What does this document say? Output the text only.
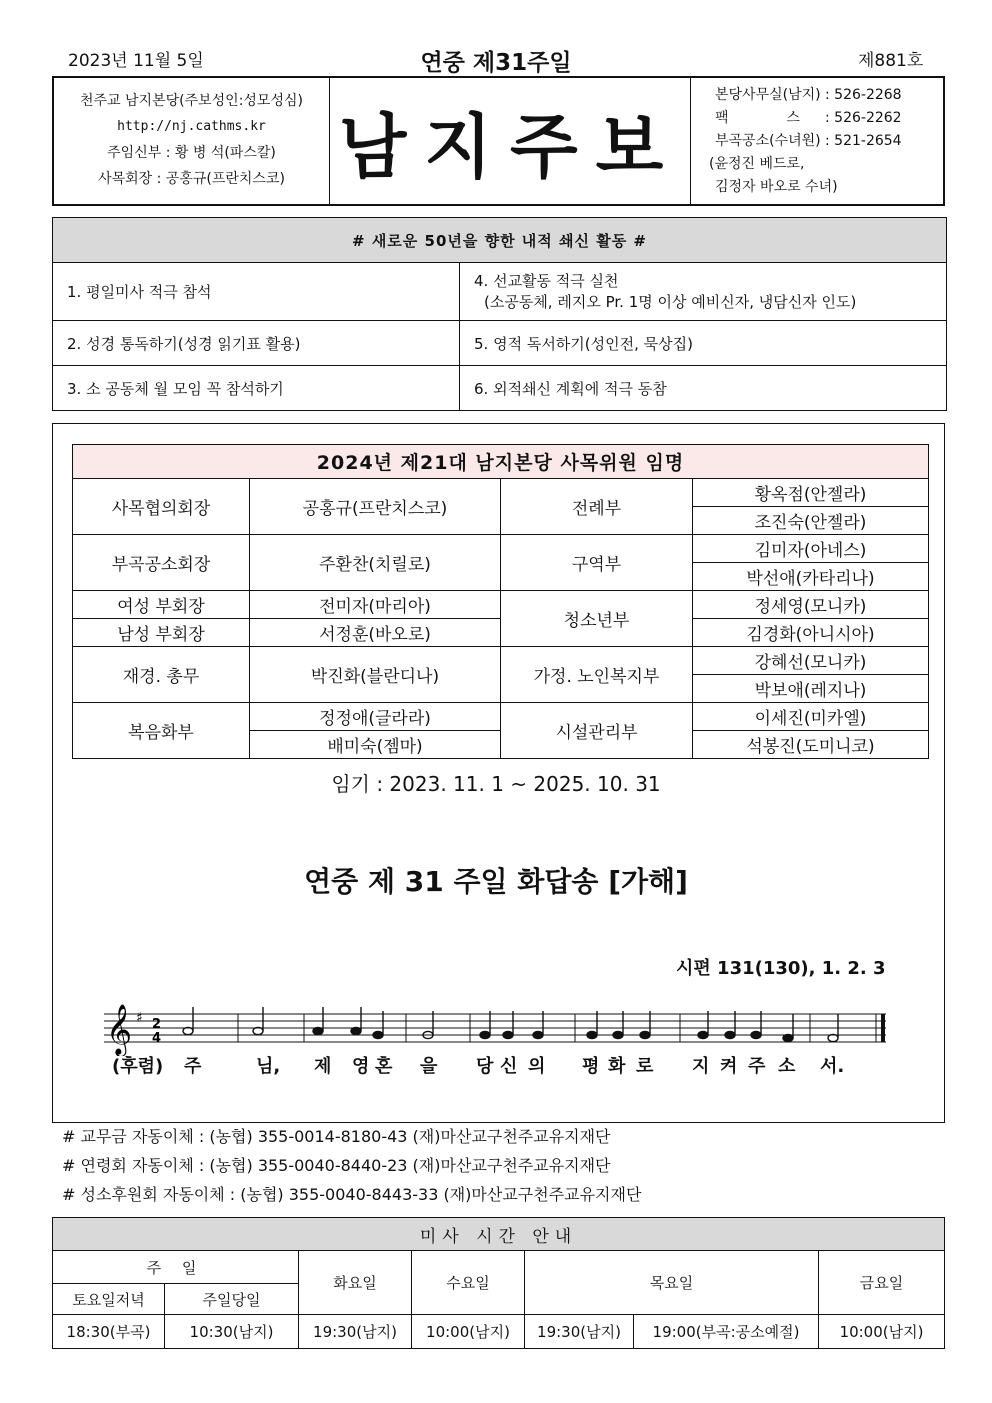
2023년 11월 5일	연중 제31주일	제881호
천주교 남지본당(주보성인:성모성심)
http://nj.cathms.kr
주임신부 : 황 병 석(파스칼)
사목회장 : 공홍규(프란치스코) 남지주보
본당사무실(남지) : 526-2268
팩             스	: 526-2262
부곡공소(수녀원) : 521-2654
(윤정진 베드로,
김정자 바오로 수녀)
# 새로운 50년을 향한 내적 쇄신 활동 #	
1. 평일미사 적극 참석	4. 선교활동 적극 실천
(소공동체, 레지오 Pr. 1명 이상 예비신자, 냉담신자 인도)

2. 성경 통독하기(성경 읽기표 활용)	5. 영적 독서하기(성인전, 묵상집)
3. 소 공동체 월 모임 꼭 참석하기	6. 외적쇄신 계획에 적극 동참
2024년 제21대 남지본당 사목위원 임명			
사목협의회장	공홍규(프란치스코)	전례부	황옥점(안젤라)
			조진숙(안젤라)
부곡공소회장	주환찬(치릴로)	구역부	김미자(아네스)
			박선애(카타리나)
여성 부회장	전미자(마리아)	청소년부	정세영(모니카)
남성 부회장	서정훈(바오로)		김경화(아니시아)
재경. 총무	박진화(블란디나)	가정. 노인복지부	강혜선(모니카)
			박보애(레지나)
복음화부	정정애(글라라)	시설관리부	이세진(미카엘)
	배미숙(젬마)		석봉진(도미니코)
임기 : 2023. 11. 1 ~ 2025. 10. 31
연중 제 31 주일 화답송 [가해]
시편 131(130), 1. 2. 3
𝄞 ♯ 2
4
(후렴) 주	님, 제 영 혼 을 당 신 의 평 화 로 지 켜 주 소 서.
# 교무금 자동이체 : (농협) 355-0014-8180-43 (재)마산교구천주교유지재단
# 연령회 자동이체 : (농협) 355-0040-8440-23 (재)마산교구천주교유지재단
# 성소후원회 자동이체 : (농협) 355-0040-8443-33 (재)마산교구천주교유지재단
미사 시간 안내						
주 일		화요일	수요일	목요일		금요일
토요일저녁	주일당일					
18:30(부곡)	10:30(남지)	19:30(남지)	10:00(남지)	19:30(남지)	19:00(부곡:공소예절)	10:00(남지)
